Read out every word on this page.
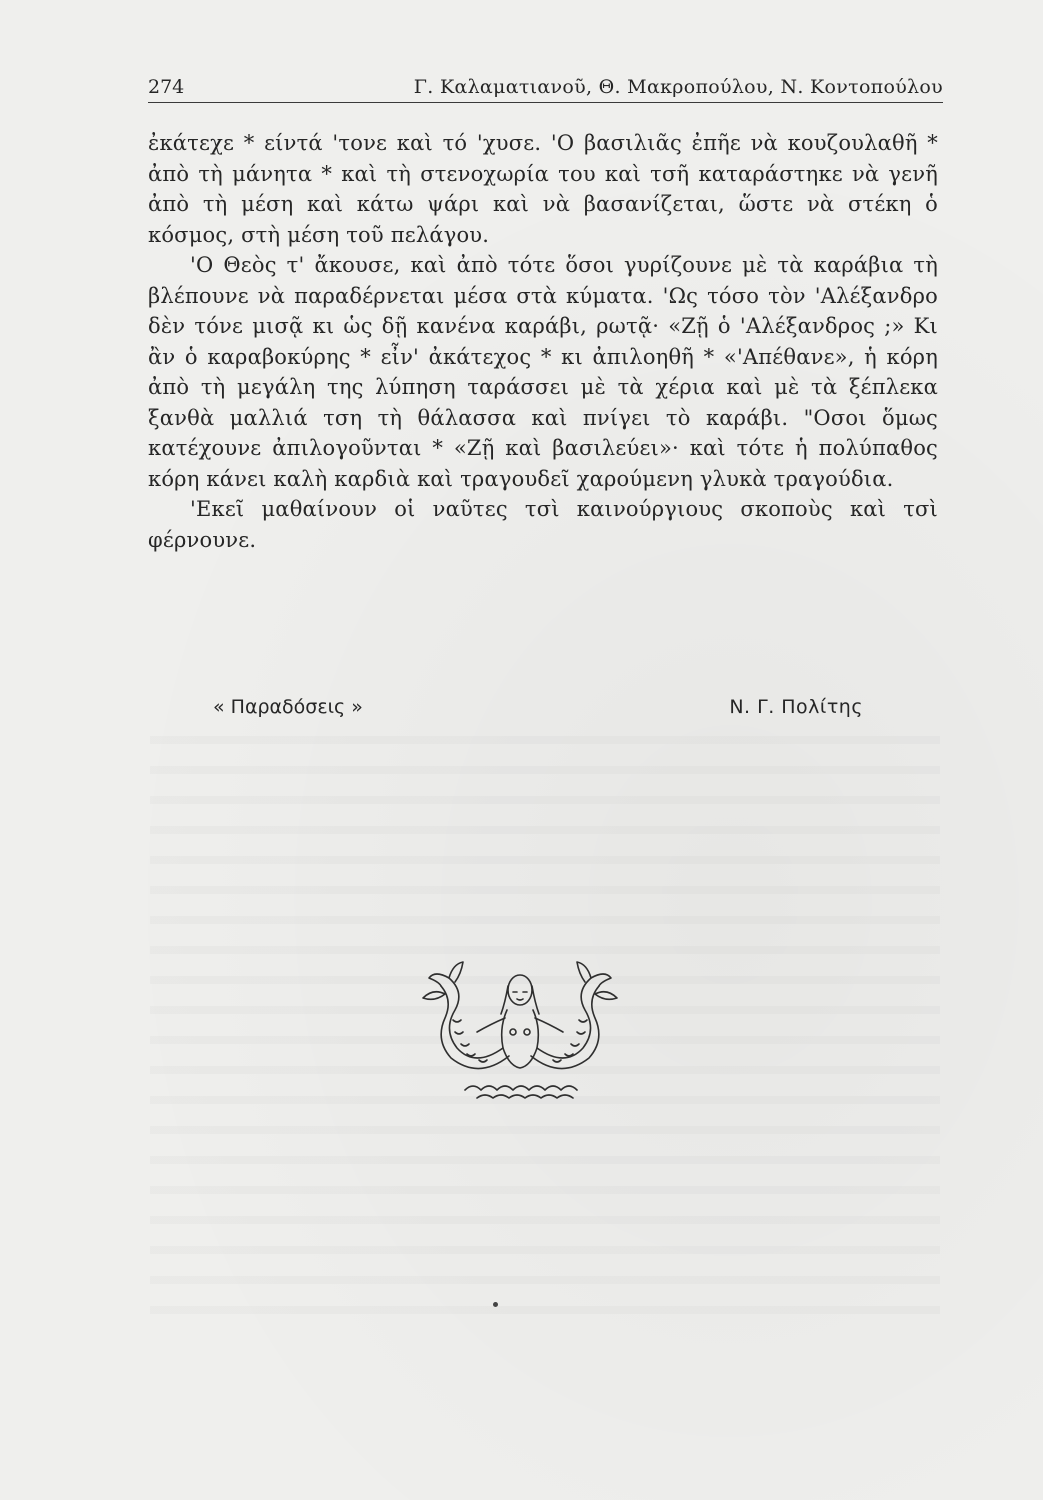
274	Γ. Καλαματιανοῦ, Θ. Μακροπούλου, Ν. Κοντοπούλου

ἐκάτεχε * είντά 'τονε καὶ τό 'χυσε. 'Ο βασιλιᾶς ἐπῆε νὰ κουζουλαθῆ * ἀπὸ τὴ μάνητα * καὶ τὴ στενοχωρία του καὶ τσῆ καταράστηκε νὰ γενῆ ἀπὸ τὴ μέση καὶ κάτω ψάρι καὶ νὰ βασανίζεται, ὥστε νὰ στέκη ὁ κόσμος, στὴ μέση τοῦ πελάγου.

'Ο Θεὸς τ' ἄκουσε, καὶ ἀπὸ τότε ὅσοι γυρίζουνε μὲ τὰ καράβια τὴ βλέπουνε νὰ παραδέρνεται μέσα στὰ κύματα. 'Ως τόσο τὸν 'Αλέξανδρο δὲν τόνε μισᾷ κι ὡς δῇ κανένα καράβι, ρωτᾷ· «Ζῇ ὁ 'Αλέξανδρος ;» Κι ἂν ὁ καραβοκύρης * εἶν' ἀκάτεχος * κι ἀπιλοηθῆ * «'Απέθανε», ἡ κόρη ἀπὸ τὴ μεγάλη της λύπηση ταράσσει μὲ τὰ χέρια καὶ μὲ τὰ ξέπλεκα ξανθὰ μαλλιά τση τὴ θάλασσα καὶ πνίγει τὸ καράβι. "Οσοι ὅμως κατέχουνε ἀπιλογοῦνται * «Ζῇ καὶ βασιλεύει»· καὶ τότε ἡ πολύπαθος κόρη κάνει καλὴ καρδιὰ καὶ τραγουδεῖ χαρούμενη γλυκὰ τραγούδια.

'Εκεῖ μαθαίνουν οἱ ναῦτες τσὶ καινούργιους σκοποὺς καὶ τσὶ φέρνουνε.

« Παραδόσεις »	Ν. Γ. Πολίτης
